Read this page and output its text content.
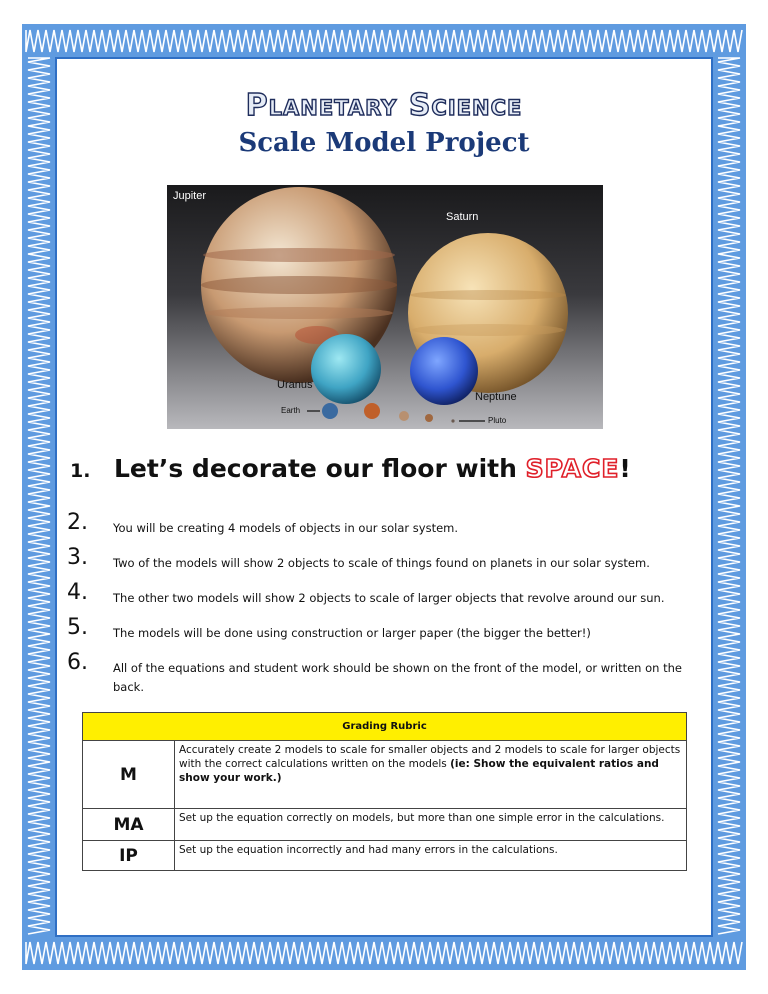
Planetary Science
Scale Model Project
Jupiter
Saturn
Uranus
Neptune
Earth
Pluto
1. Let’s decorate our floor with SPACE!
2. You will be creating 4 models of objects in our solar system.
3. Two of the models will show 2 objects to scale of things found on planets in our solar system.
4. The other two models will show 2 objects to scale of larger objects that revolve around our sun.
5. The models will be done using construction or larger paper (the bigger the better!)
6. All of the equations and student work should be shown on the front of the model, or written on the back.
Grading Rubric	
M	Accurately create 2 models to scale for smaller objects and 2 models to scale for larger objects with the correct calculations written on the models (ie: Show the equivalent ratios and show your work.)
MA	Set up the equation correctly on models, but more than one simple error in the calculations.
IP	Set up the equation incorrectly and had many errors in the calculations.
